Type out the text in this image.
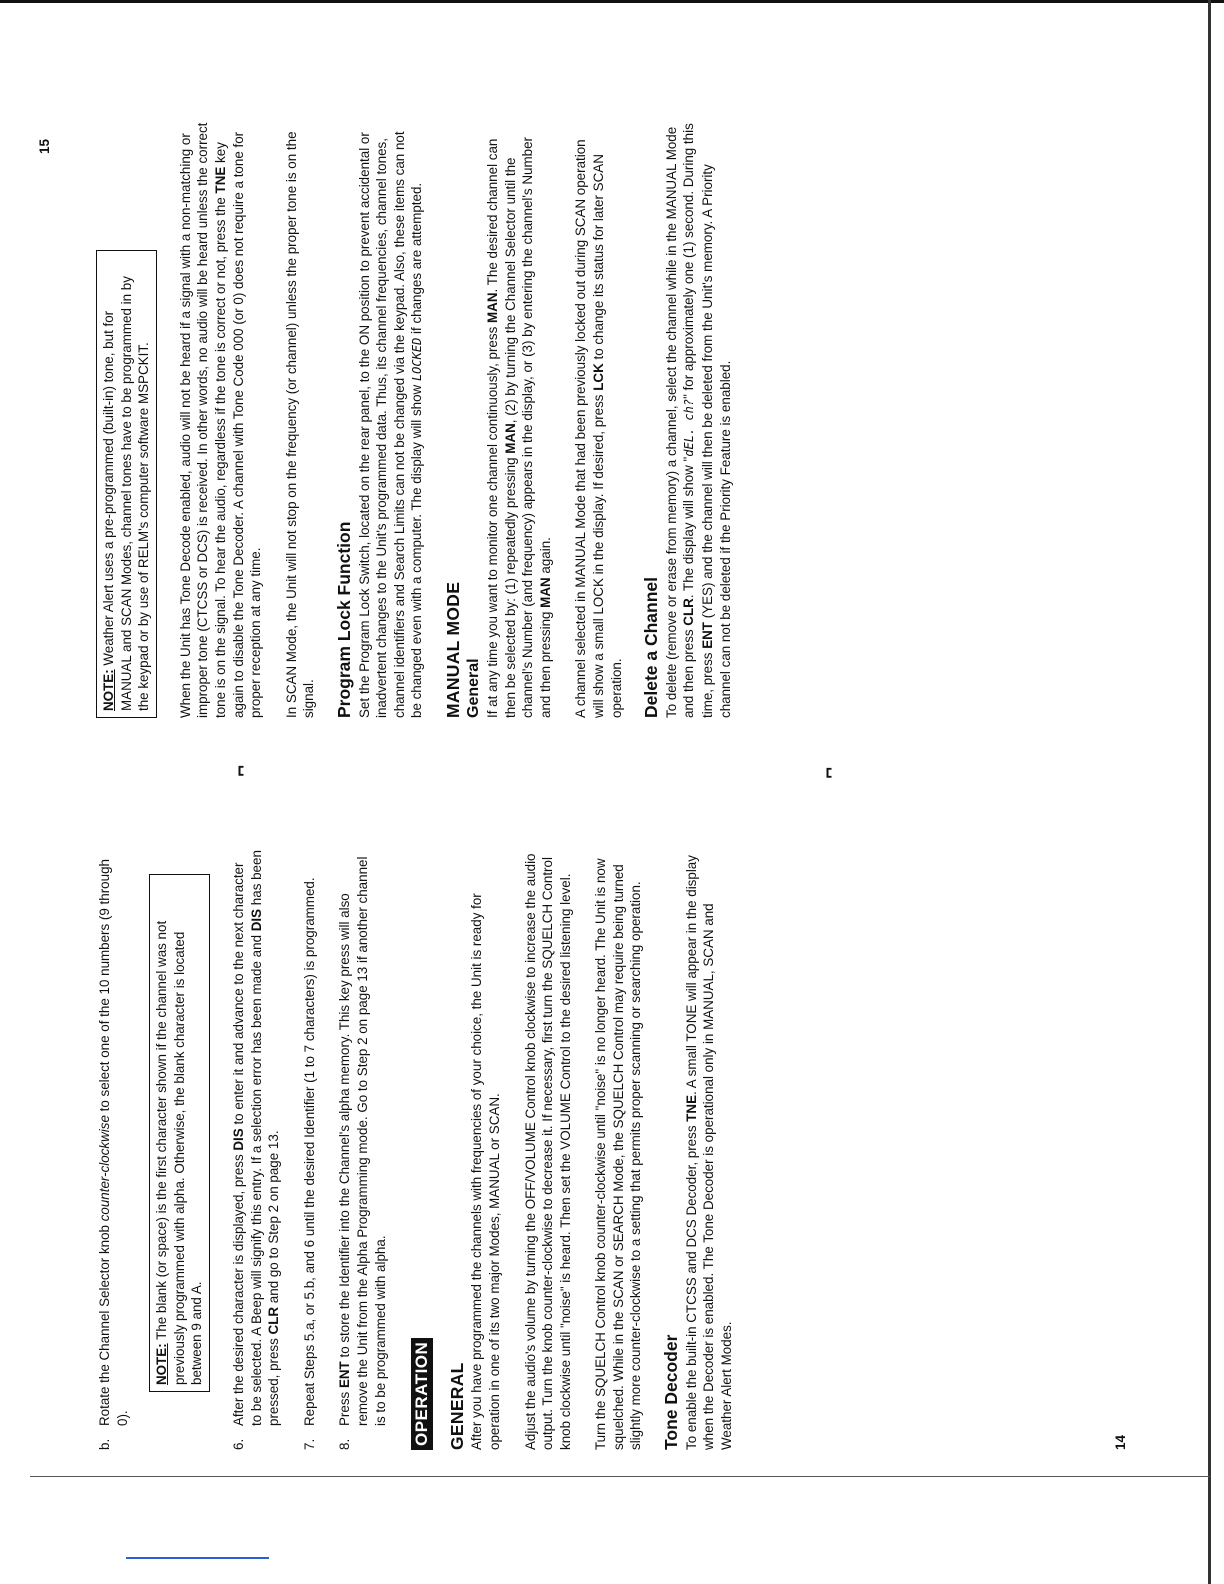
b.
Rotate the Channel Selector knob counter-clockwise to select one of the 10 numbers (9 through 0).
NOTE: The blank (or space) is the first character shown if the channel was not previously programmed with alpha. Otherwise, the blank character is located between 9 and A.
6.
After the desired character is displayed, press DIS to enter it and advance to the next character to be selected. A Beep will signify this entry. If a selection error has been made and DIS has been pressed, press CLR and go to Step 2 on page 13.
7.
Repeat Steps 5.a, or 5.b, and 6 until the desired Identifier (1 to 7 characters) is programmed.
8.
Press ENT to store the Identifier into the Channel's alpha memory. This key press will also remove the Unit from the Alpha Programming mode. Go to Step 2 on page 13 if another channel is to be programmed with alpha. OPERATION GENERAL After you have programmed the channels with frequencies of your choice, the Unit is ready for operation in one of its two major Modes, MANUAL or SCAN. Adjust the audio's volume by turning the OFF/VOLUME Control knob clockwise to increase the audio output. Turn the knob counter-clockwise to decrease it. If necessary, first turn the SQUELCH Control knob clockwise until "noise" is heard. Then set the VOLUME Control to the desired listening level. Turn the SQUELCH Control knob counter-clockwise until "noise" is no longer heard. The Unit is now squelched. While in the SCAN or SEARCH Mode, the SQUELCH Control may require being turned slightly more counter-clockwise to a setting that permits proper scanning or searching operation. Tone Decoder To enable the built-in CTCSS and DCS Decoder, press TNE. A small TONE will appear in the display when the Decoder is enabled. The Tone Decoder is operational only in MANUAL, SCAN and Weather Alert Modes.	14
⎴	⎴
NOTE: Weather Alert uses a pre-programmed (built-in) tone, but for MANUAL and SCAN Modes, channel tones have to be programmed in by the keypad or by use of RELM's computer software MSPCKIT.	When the Unit has Tone Decode enabled, audio will not be heard if a signal with a non-matching or improper tone (CTCSS or DCS) is received. In other words, no audio will be heard unless the correct tone is on the signal. To hear the audio, regardless if the tone is correct or not, press the TNE key again to disable the Tone Decoder. A channel with Tone Code 000 (or 0) does not require a tone for proper reception at any time. In SCAN Mode, the Unit will not stop on the frequency (or channel) unless the proper tone is on the signal. Program Lock Function Set the Program Lock Switch, located on the rear panel, to the ON position to prevent accidental or inadvertent changes to the Unit's programmed data. Thus, its channel frequencies, channel tones, channel identifiers and Search Limits can not be changed via the keypad. Also, these items can not be changed even with a computer. The display will show LOCKED if changes are attempted.

MANUAL MODE General If at any time you want to monitor one channel continuously, press MAN. The desired channel can then be selected by: (1) repeatedly pressing MAN, (2) by turning the Channel Selector until the channel's Number (and frequency) appears in the display, or (3) by entering the channel's Number and then pressing MAN again. A channel selected in MANUAL Mode that had been previously locked out during SCAN operation will show a small LOCK in the display. If desired, press LCK to change its status for later SCAN operation. Delete a Channel To delete (remove or erase from memory) a channel, select the channel while in the MANUAL Mode and then press CLR. The display will show "dEL. ch?" for approximately one (1) second. During this time, press ENT (YES) and the channel will then be deleted from the Unit's memory. A Priority channel can not be deleted if the Priority Feature is enabled.

15
